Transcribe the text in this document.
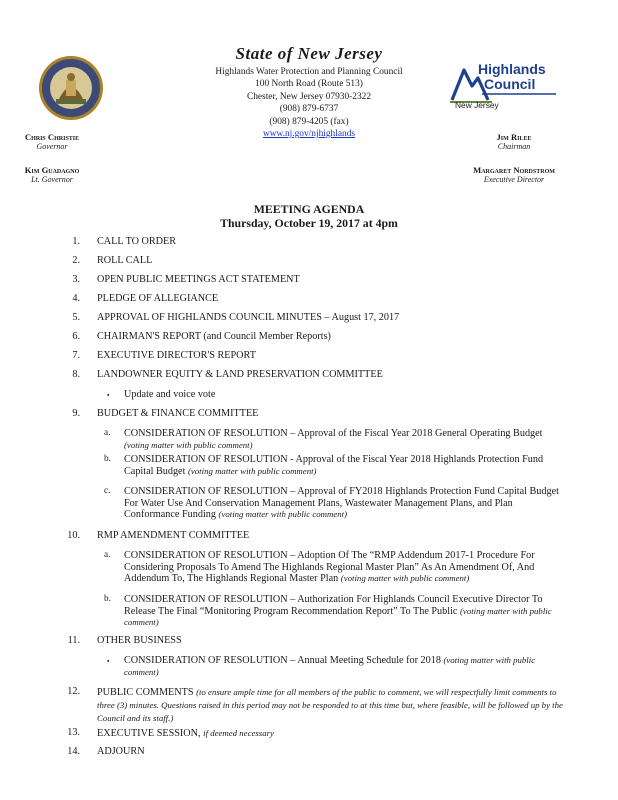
State of New Jersey
Highlands Water Protection and Planning Council
100 North Road (Route 513)
Chester, New Jersey 07930-2322
(908) 879-6737
(908) 879-4205 (fax)
www.nj.gov/njhighlands
Highlands
Council
New Jersey
Chris Christie
Governor
Kim Guadagno
Lt. Governor
Jim Rilee
Chairman
Margaret Nordstrom
Executive Director
MEETING AGENDA
Thursday, October 19, 2017 at 4pm
1. CALL TO ORDER
2. ROLL CALL
3. OPEN PUBLIC MEETINGS ACT STATEMENT
4. PLEDGE OF ALLEGIANCE
5. APPROVAL OF HIGHLANDS COUNCIL MINUTES – August 17, 2017
6. CHAIRMAN'S REPORT (and Council Member Reports)
7. EXECUTIVE DIRECTOR'S REPORT
8. LANDOWNER EQUITY & LAND PRESERVATION COMMITTEE
▪ Update and voice vote
9. BUDGET & FINANCE COMMITTEE
a. CONSIDERATION OF RESOLUTION – Approval of the Fiscal Year 2018 General Operating Budget (voting matter with public comment)
b. CONSIDERATION OF RESOLUTION - Approval of the Fiscal Year 2018 Highlands Protection Fund Capital Budget (voting matter with public comment)
c. CONSIDERATION OF RESOLUTION – Approval of FY2018 Highlands Protection Fund Capital Budget For Water Use And Conservation Management Plans, Wastewater Management Plans, and Plan Conformance Funding (voting matter with public comment)
10. RMP AMENDMENT COMMITTEE
a. CONSIDERATION OF RESOLUTION – Adoption Of The “RMP Addendum 2017-1 Procedure For Considering Proposals To Amend The Highlands Regional Master Plan” As An Amendment Of, And Addendum To, The Highlands Regional Master Plan (voting matter with public comment)
b. CONSIDERATION OF RESOLUTION – Authorization For Highlands Council Executive Director To Release The Final “Monitoring Program Recommendation Report” To The Public (voting matter with public comment)
11. OTHER BUSINESS
▪ CONSIDERATION OF RESOLUTION – Annual Meeting Schedule for 2018 (voting matter with public comment)
12. PUBLIC COMMENTS (to ensure ample time for all members of the public to comment, we will respectfully limit comments to three (3) minutes. Questions raised in this period may not be responded to at this time but, where feasible, will be followed up by the Council and its staff.)
13. EXECUTIVE SESSION, if deemed necessary
14. ADJOURN
